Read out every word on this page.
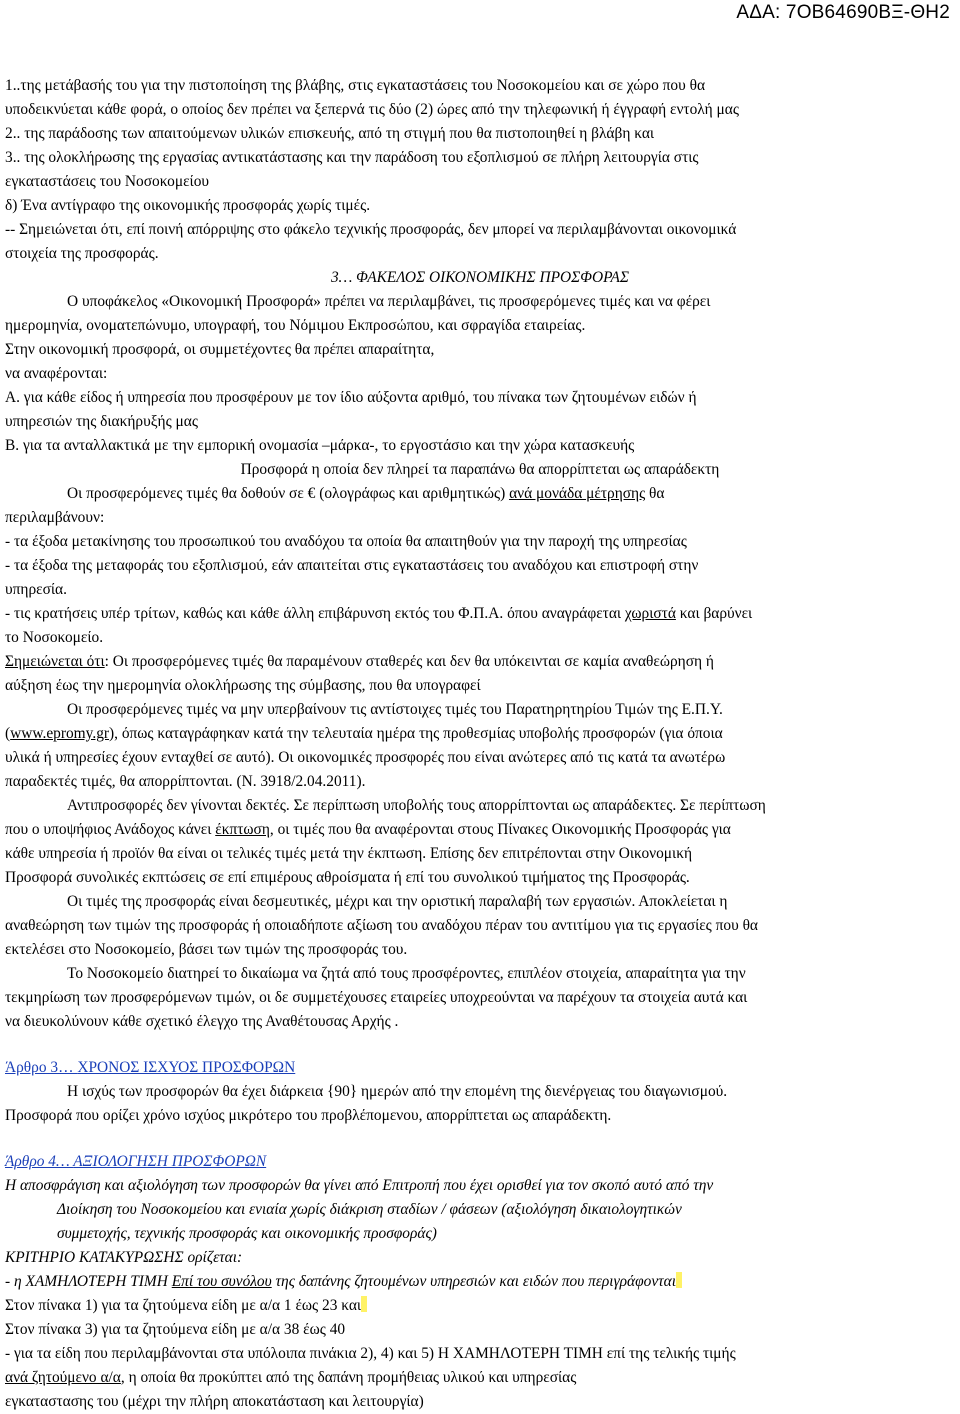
ΑΔΑ: 7ΟΒ64690ΒΞ-ΘΗ2

1..της μετάβασής του για την πιστοποίηση της βλάβης, στις εγκαταστάσεις του Νοσοκομείου και σε χώρο που θα

υποδεικνύεται κάθε φορά, ο οποίος δεν πρέπει να ξεπερνά τις δύο (2) ώρες από την τηλεφωνική ή έγγραφή εντολή μας

2.. της παράδοσης των απαιτούμενων υλικών επισκευής, από τη στιγμή που θα πιστοποιηθεί η βλάβη και

3.. της ολοκλήρωσης της εργασίας αντικατάστασης και την παράδοση του εξοπλισμού σε πλήρη λειτουργία στις

εγκαταστάσεις του Νοσοκομείου

δ) Ένα αντίγραφο της οικονομικής προσφοράς χωρίς τιμές.

-- Σημειώνεται ότι, επί ποινή απόρριψης στο φάκελο τεχνικής προσφοράς, δεν μπορεί να περιλαμβάνονται οικονομικά

στοιχεία της προσφοράς.

3… ΦΑΚΕΛΟΣ ΟΙΚΟΝΟΜΙΚΗΣ ΠΡΟΣΦΟΡΑΣ

Ο υποφάκελος «Οικονομική Προσφορά» πρέπει να περιλαμβάνει, τις προσφερόμενες τιμές και να φέρει

ημερομηνία, ονοματεπώνυμο, υπογραφή, του Νόμιμου Εκπροσώπου, και σφραγίδα εταιρείας.

Στην οικονομική προσφορά, οι συμμετέχοντες θα πρέπει απαραίτητα,

να αναφέρονται:

Α. για κάθε είδος ή υπηρεσία που προσφέρουν με τον ίδιο αύξοντα αριθμό, του πίνακα των ζητουμένων ειδών ή

υπηρεσιών της διακήρυξής μας

Β. για τα ανταλλακτικά με την εμπορική ονομασία –μάρκα-, το εργοστάσιο και την χώρα κατασκευής

Προσφορά η οποία δεν πληρεί τα παραπάνω θα απορρίπτεται ως απαράδεκτη

Οι προσφερόμενες τιμές θα δοθούν σε € (ολογράφως και αριθμητικώς) ανά μονάδα μέτρησης θα

περιλαμβάνουν:

- τα έξοδα μετακίνησης του προσωπικού του αναδόχου τα οποία θα απαιτηθούν για την παροχή της υπηρεσίας

- τα έξοδα της μεταφοράς του εξοπλισμού, εάν απαιτείται στις εγκαταστάσεις του αναδόχου και επιστροφή στην

υπηρεσία.

- τις κρατήσεις υπέρ τρίτων, καθώς και κάθε άλλη επιβάρυνση εκτός του Φ.Π.Α. όπου αναγράφεται χωριστά και βαρύνει

το Νοσοκομείο.

Σημειώνεται ότι: Οι προσφερόμενες τιμές θα παραμένουν σταθερές και δεν θα υπόκεινται σε καμία αναθεώρηση ή

αύξηση έως την ημερομηνία ολοκλήρωσης της σύμβασης, που θα υπογραφεί

Οι προσφερόμενες τιμές να μην υπερβαίνουν τις αντίστοιχες τιμές του Παρατηρητηρίου Τιμών της Ε.Π.Υ.

(www.epromy.gr), όπως καταγράφηκαν κατά την τελευταία ημέρα της προθεσμίας υποβολής προσφορών (για όποια

υλικά ή υπηρεσίες έχουν ενταχθεί σε αυτό). Οι οικονομικές προσφορές που είναι ανώτερες από τις κατά τα ανωτέρω

παραδεκτές τιμές, θα απορρίπτονται. (Ν. 3918/2.04.2011).

Αντιπροσφορές δεν γίνονται δεκτές. Σε περίπτωση υποβολής τους απορρίπτονται ως απαράδεκτες. Σε περίπτωση

που ο υποψήφιος Ανάδοχος κάνει έκπτωση, οι τιμές που θα αναφέρονται στους Πίνακες Οικονομικής Προσφοράς για

κάθε υπηρεσία ή προϊόν θα είναι οι τελικές τιμές μετά την έκπτωση. Επίσης δεν επιτρέπονται στην Οικονομική

Προσφορά συνολικές εκπτώσεις σε επί επιμέρους αθροίσματα ή επί του συνολικού τιμήματος της Προσφοράς.

Οι τιμές της προσφοράς είναι δεσμευτικές, μέχρι και την οριστική παραλαβή των εργασιών. Αποκλείεται η

αναθεώρηση των τιμών της προσφοράς ή οποιαδήποτε αξίωση του αναδόχου πέραν του αντιτίμου για τις εργασίες που θα

εκτελέσει στο Νοσοκομείο, βάσει των τιμών της προσφοράς του.

Το Νοσοκομείο διατηρεί το δικαίωμα να ζητά από τους προσφέροντες, επιπλέον στοιχεία, απαραίτητα για την

τεκμηρίωση των προσφερόμενων τιμών, οι δε συμμετέχουσες εταιρείες υποχρεούνται να παρέχουν τα στοιχεία αυτά και

να διευκολύνουν κάθε σχετικό έλεγχο της Αναθέτουσας Αρχής .

Άρθρο 3… ΧΡΟΝΟΣ ΙΣΧΥΟΣ ΠΡΟΣΦΟΡΩΝ

Η ισχύς των προσφορών θα έχει διάρκεια {90} ημερών από την επομένη της διενέργειας του διαγωνισμού.

Προσφορά που ορίζει χρόνο ισχύος μικρότερο του προβλέπομενου, απορρίπτεται ως απαράδεκτη.

Άρθρο 4… ΑΞΙΟΛΟΓΗΣΗ ΠΡΟΣΦΟΡΩΝ

Η αποσφράγιση και αξιολόγηση των προσφορών θα γίνει από Επιτροπή που έχει ορισθεί για τον σκοπό αυτό από την

Διοίκηση του Νοσοκομείου και ενιαία χωρίς διάκριση σταδίων / φάσεων (αξιολόγηση δικαιολογητικών

συμμετοχής, τεχνικής προσφοράς και οικονομικής προσφοράς)

ΚΡΙΤΗΡΙΟ ΚΑΤΑΚΥΡΩΣΗΣ ορίζεται:

- η ΧΑΜΗΛΟΤΕΡΗ ΤΙΜΗ Επί του συνόλου της δαπάνης ζητουμένων υπηρεσιών και ειδών που περιγράφονται

Στον πίνακα 1) για τα ζητούμενα είδη με α/α 1 έως 23 και

Στον πίνακα 3) για τα ζητούμενα είδη με α/α 38 έως 40

- για τα είδη που περιλαμβάνονται στα υπόλοιπα πινάκια 2), 4) και 5) Η ΧΑΜΗΛΟΤΕΡΗ ΤΙΜΗ επί της τελικής τιμής

ανά ζητούμενο α/α, η οποία θα προκύπτει από της δαπάνη προμήθειας υλικού και υπηρεσίας

εγκαταστασης του (μέχρι την πλήρη αποκατάσταση και λειτουργία)
